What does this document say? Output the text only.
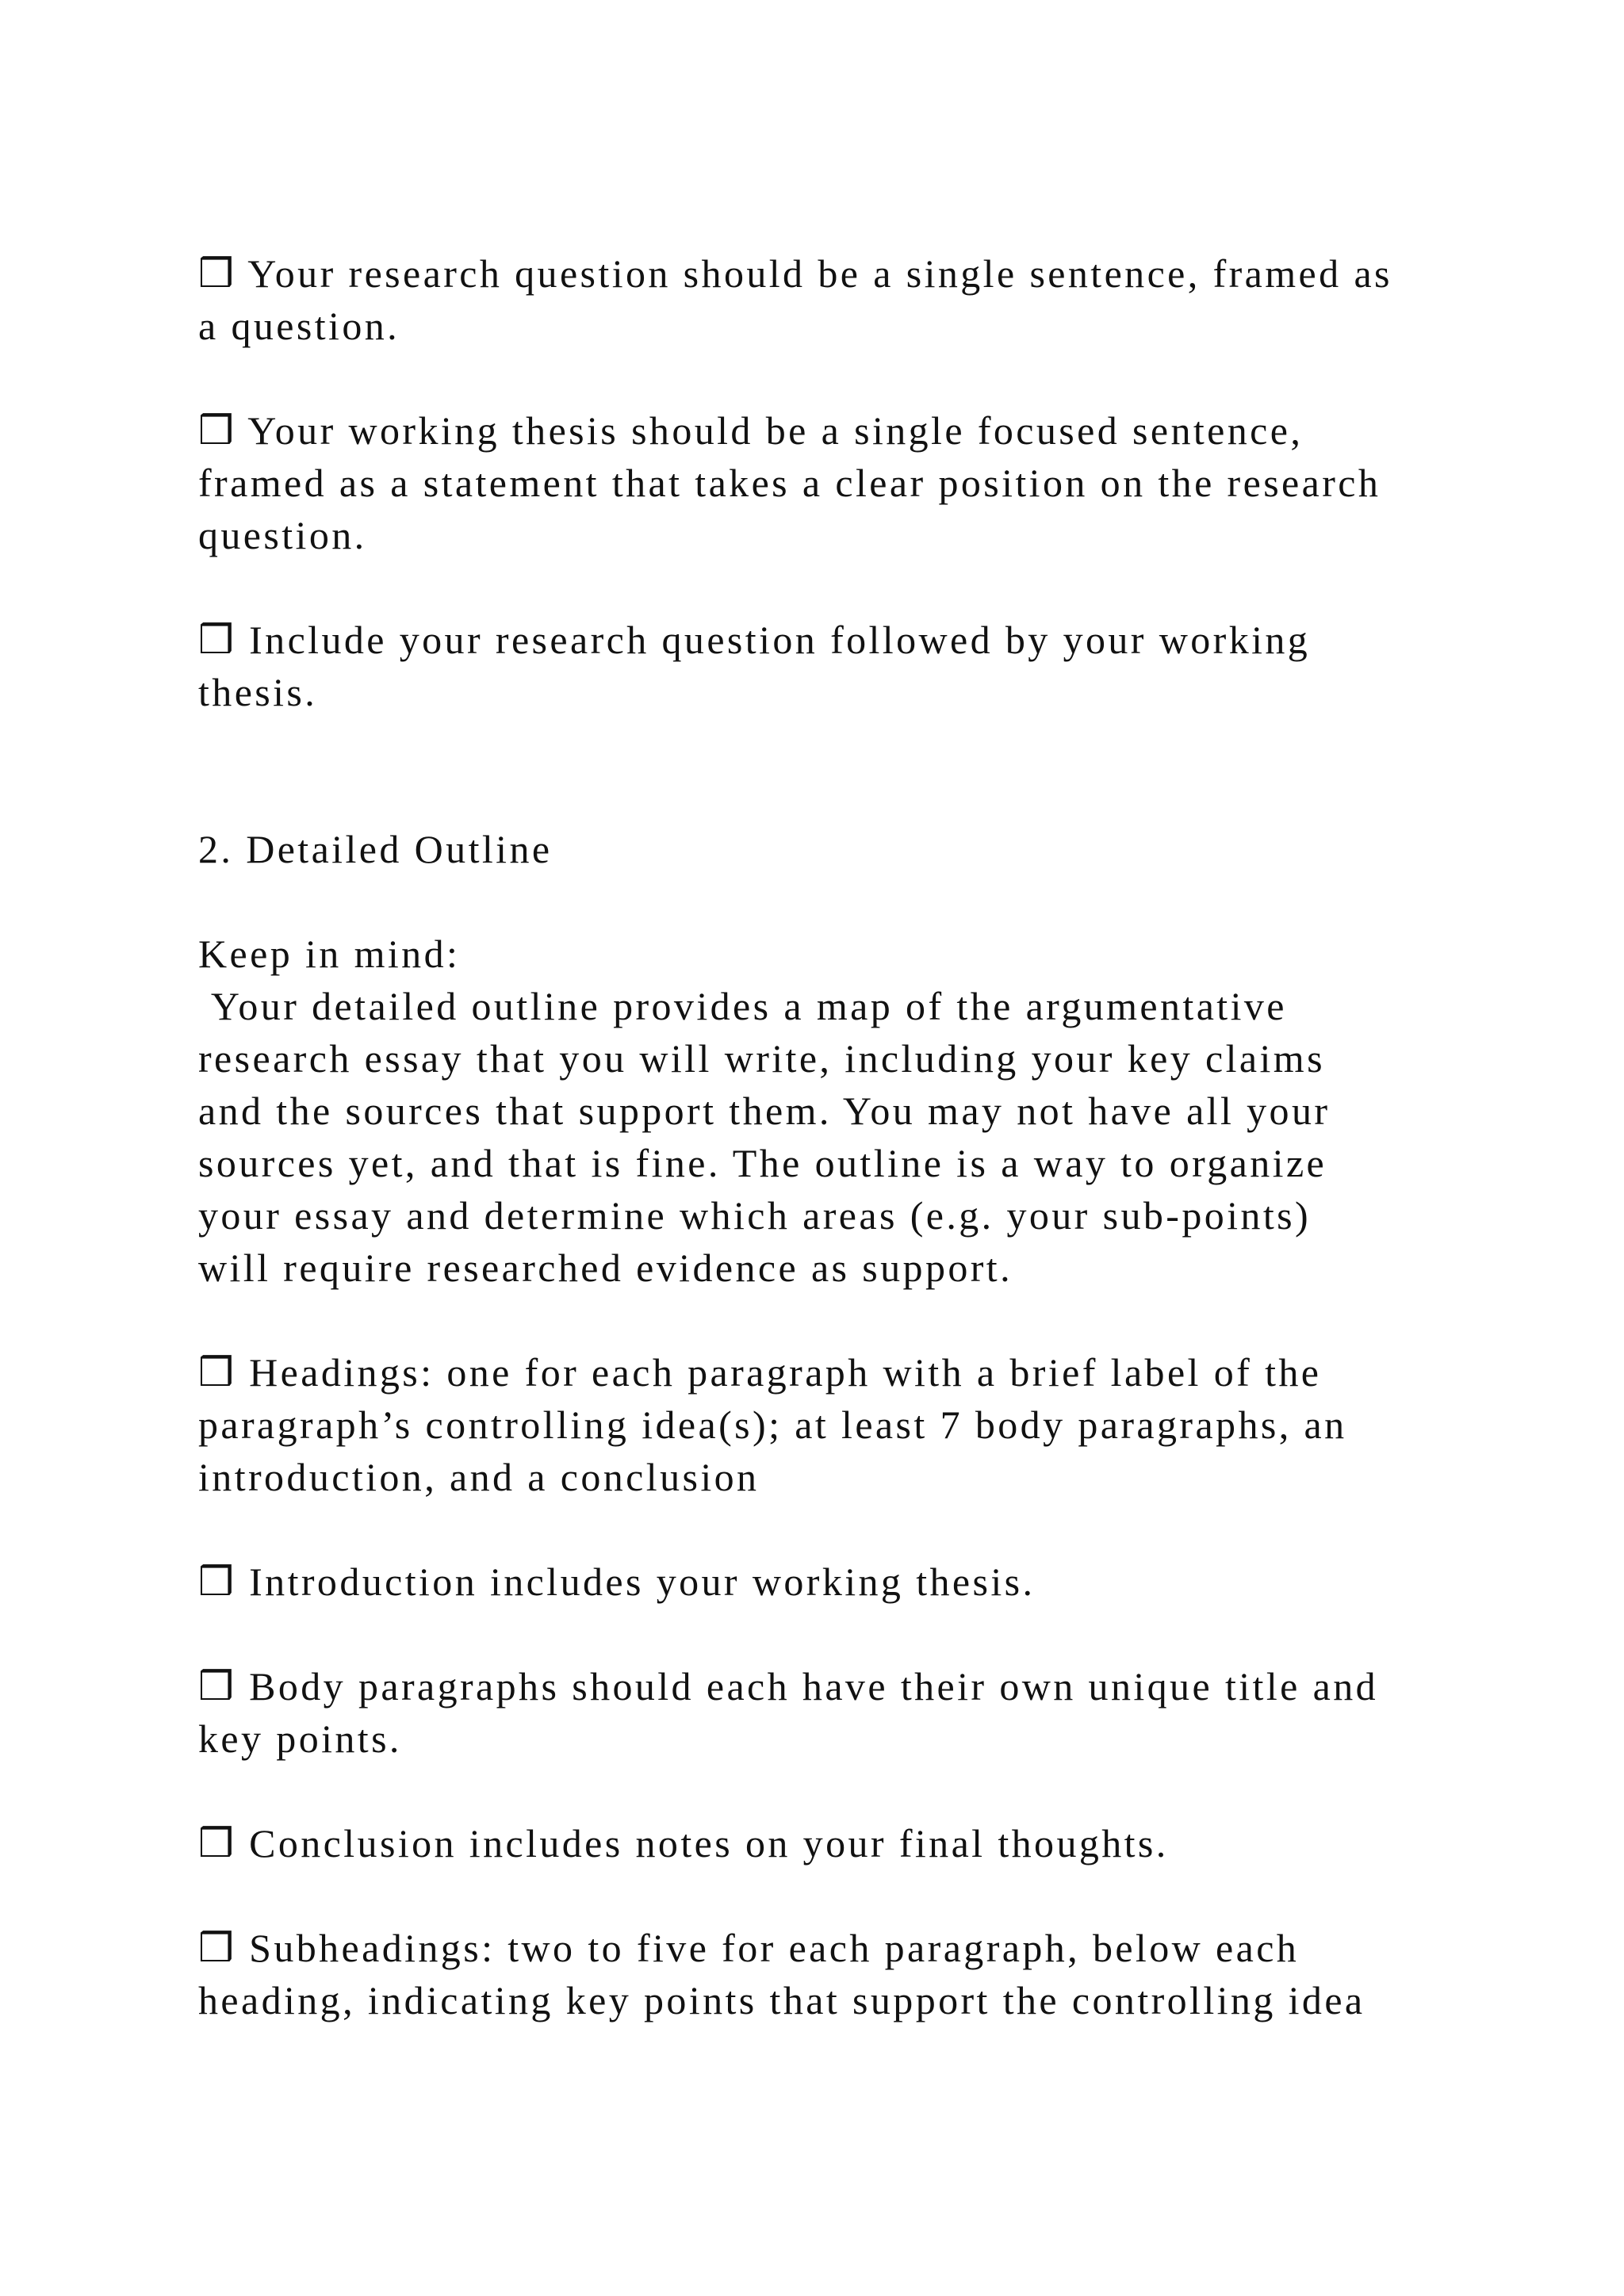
❒ Your research question should be a single sentence, framed as
a question.

❒ Your working thesis should be a single focused sentence,
framed as a statement that takes a clear position on the research
question.

❒ Include your research question followed by your working
thesis.

2. Detailed Outline

Keep in mind:

Your detailed outline provides a map of the argumentative
research essay that you will write, including your key claims
and the sources that support them. You may not have all your
sources yet, and that is fine. The outline is a way to organize
your essay and determine which areas (e.g. your sub-points)
will require researched evidence as support.

❒ Headings: one for each paragraph with a brief label of the
paragraph’s controlling idea(s); at least 7 body paragraphs, an
introduction, and a conclusion

❒ Introduction includes your working thesis.

❒ Body paragraphs should each have their own unique title and
key points.

❒ Conclusion includes notes on your final thoughts.

❒ Subheadings: two to five for each paragraph, below each
heading, indicating key points that support the controlling idea
